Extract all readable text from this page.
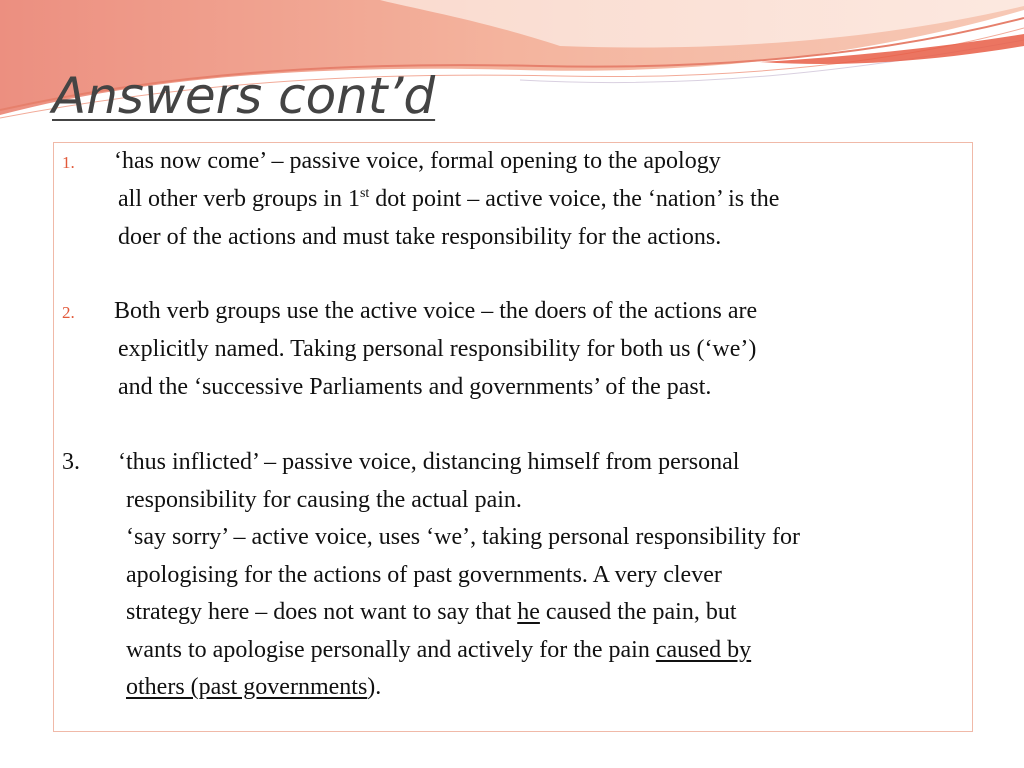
Answers cont’d
1. ‘has now come’ – passive voice, formal opening to the apology
all other verb groups in 1st dot point – active voice, the ‘nation’ is the
doer of the actions and must take responsibility for the actions.
2. Both verb groups use the active voice – the doers of the actions are
explicitly named. Taking personal responsibility for both us (‘we’)
and the ‘successive Parliaments and governments’ of the past.
3. ‘thus inflicted’ – passive voice, distancing himself from personal
responsibility for causing the actual pain.
‘say sorry’ – active voice, uses ‘we’, taking personal responsibility for
apologising for the actions of past governments. A very clever
strategy here – does not want to say that he caused the pain, but
wants to apologise personally and actively for the pain caused by
others (past governments).
